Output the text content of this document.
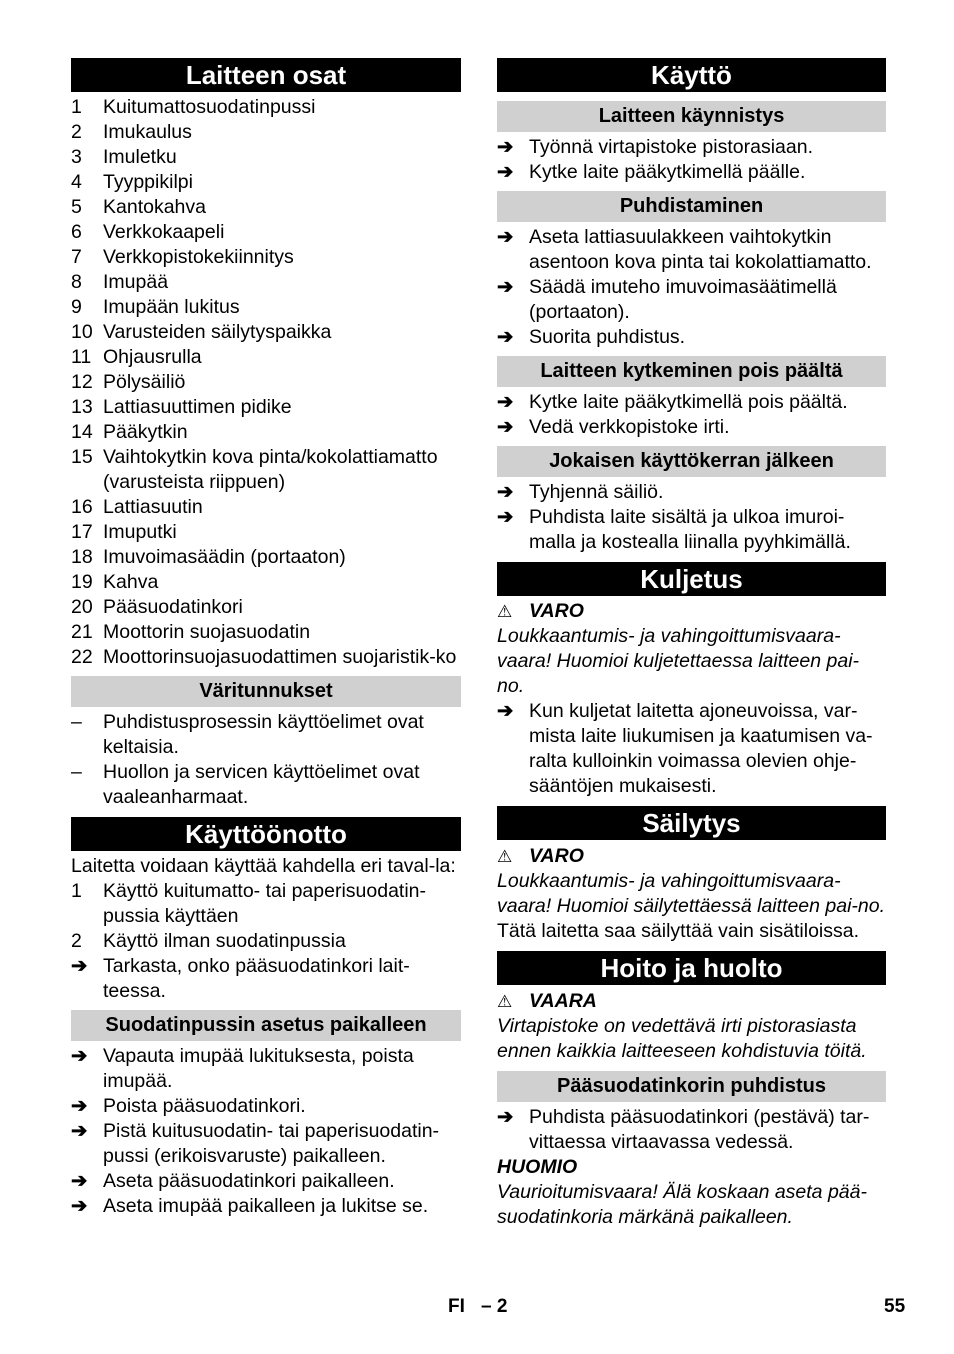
Laitteen osat
1	Kuitumattosuodatinpussi
2	Imukaulus
3	Imuletku
4	Tyyppikilpi
5	Kantokahva
6	Verkkokaapeli
7	Verkkopistokekiinnitys
8	Imupää
9	Imupään lukitus
10 Varusteiden säilytyspaikka
11 Ohjausrulla
12 Pölysäiliö
13 Lattiasuuttimen pidike
14 Pääkytkin
15 Vaihtokytkin kova pinta/kokolattiamatto (varusteista riippuen)
16 Lattiasuutin
17 Imuputki
18 Imuvoimasäädin (portaaton)
19 Kahva
20 Pääsuodatinkori
21 Moottorin suojasuodatin
22 Moottorinsuojasuodattimen suojaristik-ko
Väritunnukset
–	Puhdistusprosessin käyttöelimet ovat keltaisia.
–	Huollon ja servicen käyttöelimet ovat vaaleanharmaat.
Käyttöönotto
Laitetta voidaan käyttää kahdella eri taval-la:
1	Käyttö kuitumatto- tai paperisuodatin-pussia käyttäen
2	Käyttö ilman suodatinpussia
➔ Tarkasta, onko pääsuodatinkori lait-teessa.
Suodatinpussin asetus paikalleen
➔ Vapauta imupää lukituksesta, poista imupää.
➔ Poista pääsuodatinkori.
➔ Pistä kuitusuodatin- tai paperisuodatin-pussi (erikoisvaruste) paikalleen.
➔ Aseta pääsuodatinkori paikalleen.
➔ Aseta imupää paikalleen ja lukitse se.
Käyttö
Laitteen käynnistys
➔ Työnnä virtapistoke pistorasiaan.
➔ Kytke laite pääkytkimellä päälle.
Puhdistaminen
➔ Aseta lattiasuulakkeen vaihtokytkin asentoon kova pinta tai kokolattiamatto.
➔ Säädä imuteho imuvoimasäätimellä (portaaton).
➔ Suorita puhdistus.
Laitteen kytkeminen pois päältä
➔ Kytke laite pääkytkimellä pois päältä.
➔ Vedä verkkopistoke irti.
Jokaisen käyttökerran jälkeen
➔ Tyhjennä säiliö.
➔ Puhdista laite sisältä ja ulkoa imuroi-malla ja kostealla liinalla pyyhkimällä.
Kuljetus
⚠ VARO
Loukkaantumis- ja vahingoittumisvaara-vaara! Huomioi kuljetettaessa laitteen pai-no.
➔ Kun kuljetat laitetta ajoneuvoissa, var-mista laite liukumisen ja kaatumisen va-ralta kulloinkin voimassa olevien ohje-sääntöjen mukaisesti.
Säilytys
⚠ VARO
Loukkaantumis- ja vahingoittumisvaara-vaara! Huomioi säilytettäessä laitteen pai-no.
Tätä laitetta saa säilyttää vain sisätiloissa.
Hoito ja huolto
⚠ VAARA
Virtapistoke on vedettävä irti pistorasiasta ennen kaikkia laitteeseen kohdistuvia töitä.
Pääsuodatinkorin puhdistus
➔ Puhdista pääsuodatinkori (pestävä) tar-vittaessa virtaavassa vedessä.
HUOMIO
Vaurioitumisvaara! Älä koskaan aseta pää-suodatinkoria märkänä paikalleen.
FI – 2	55
